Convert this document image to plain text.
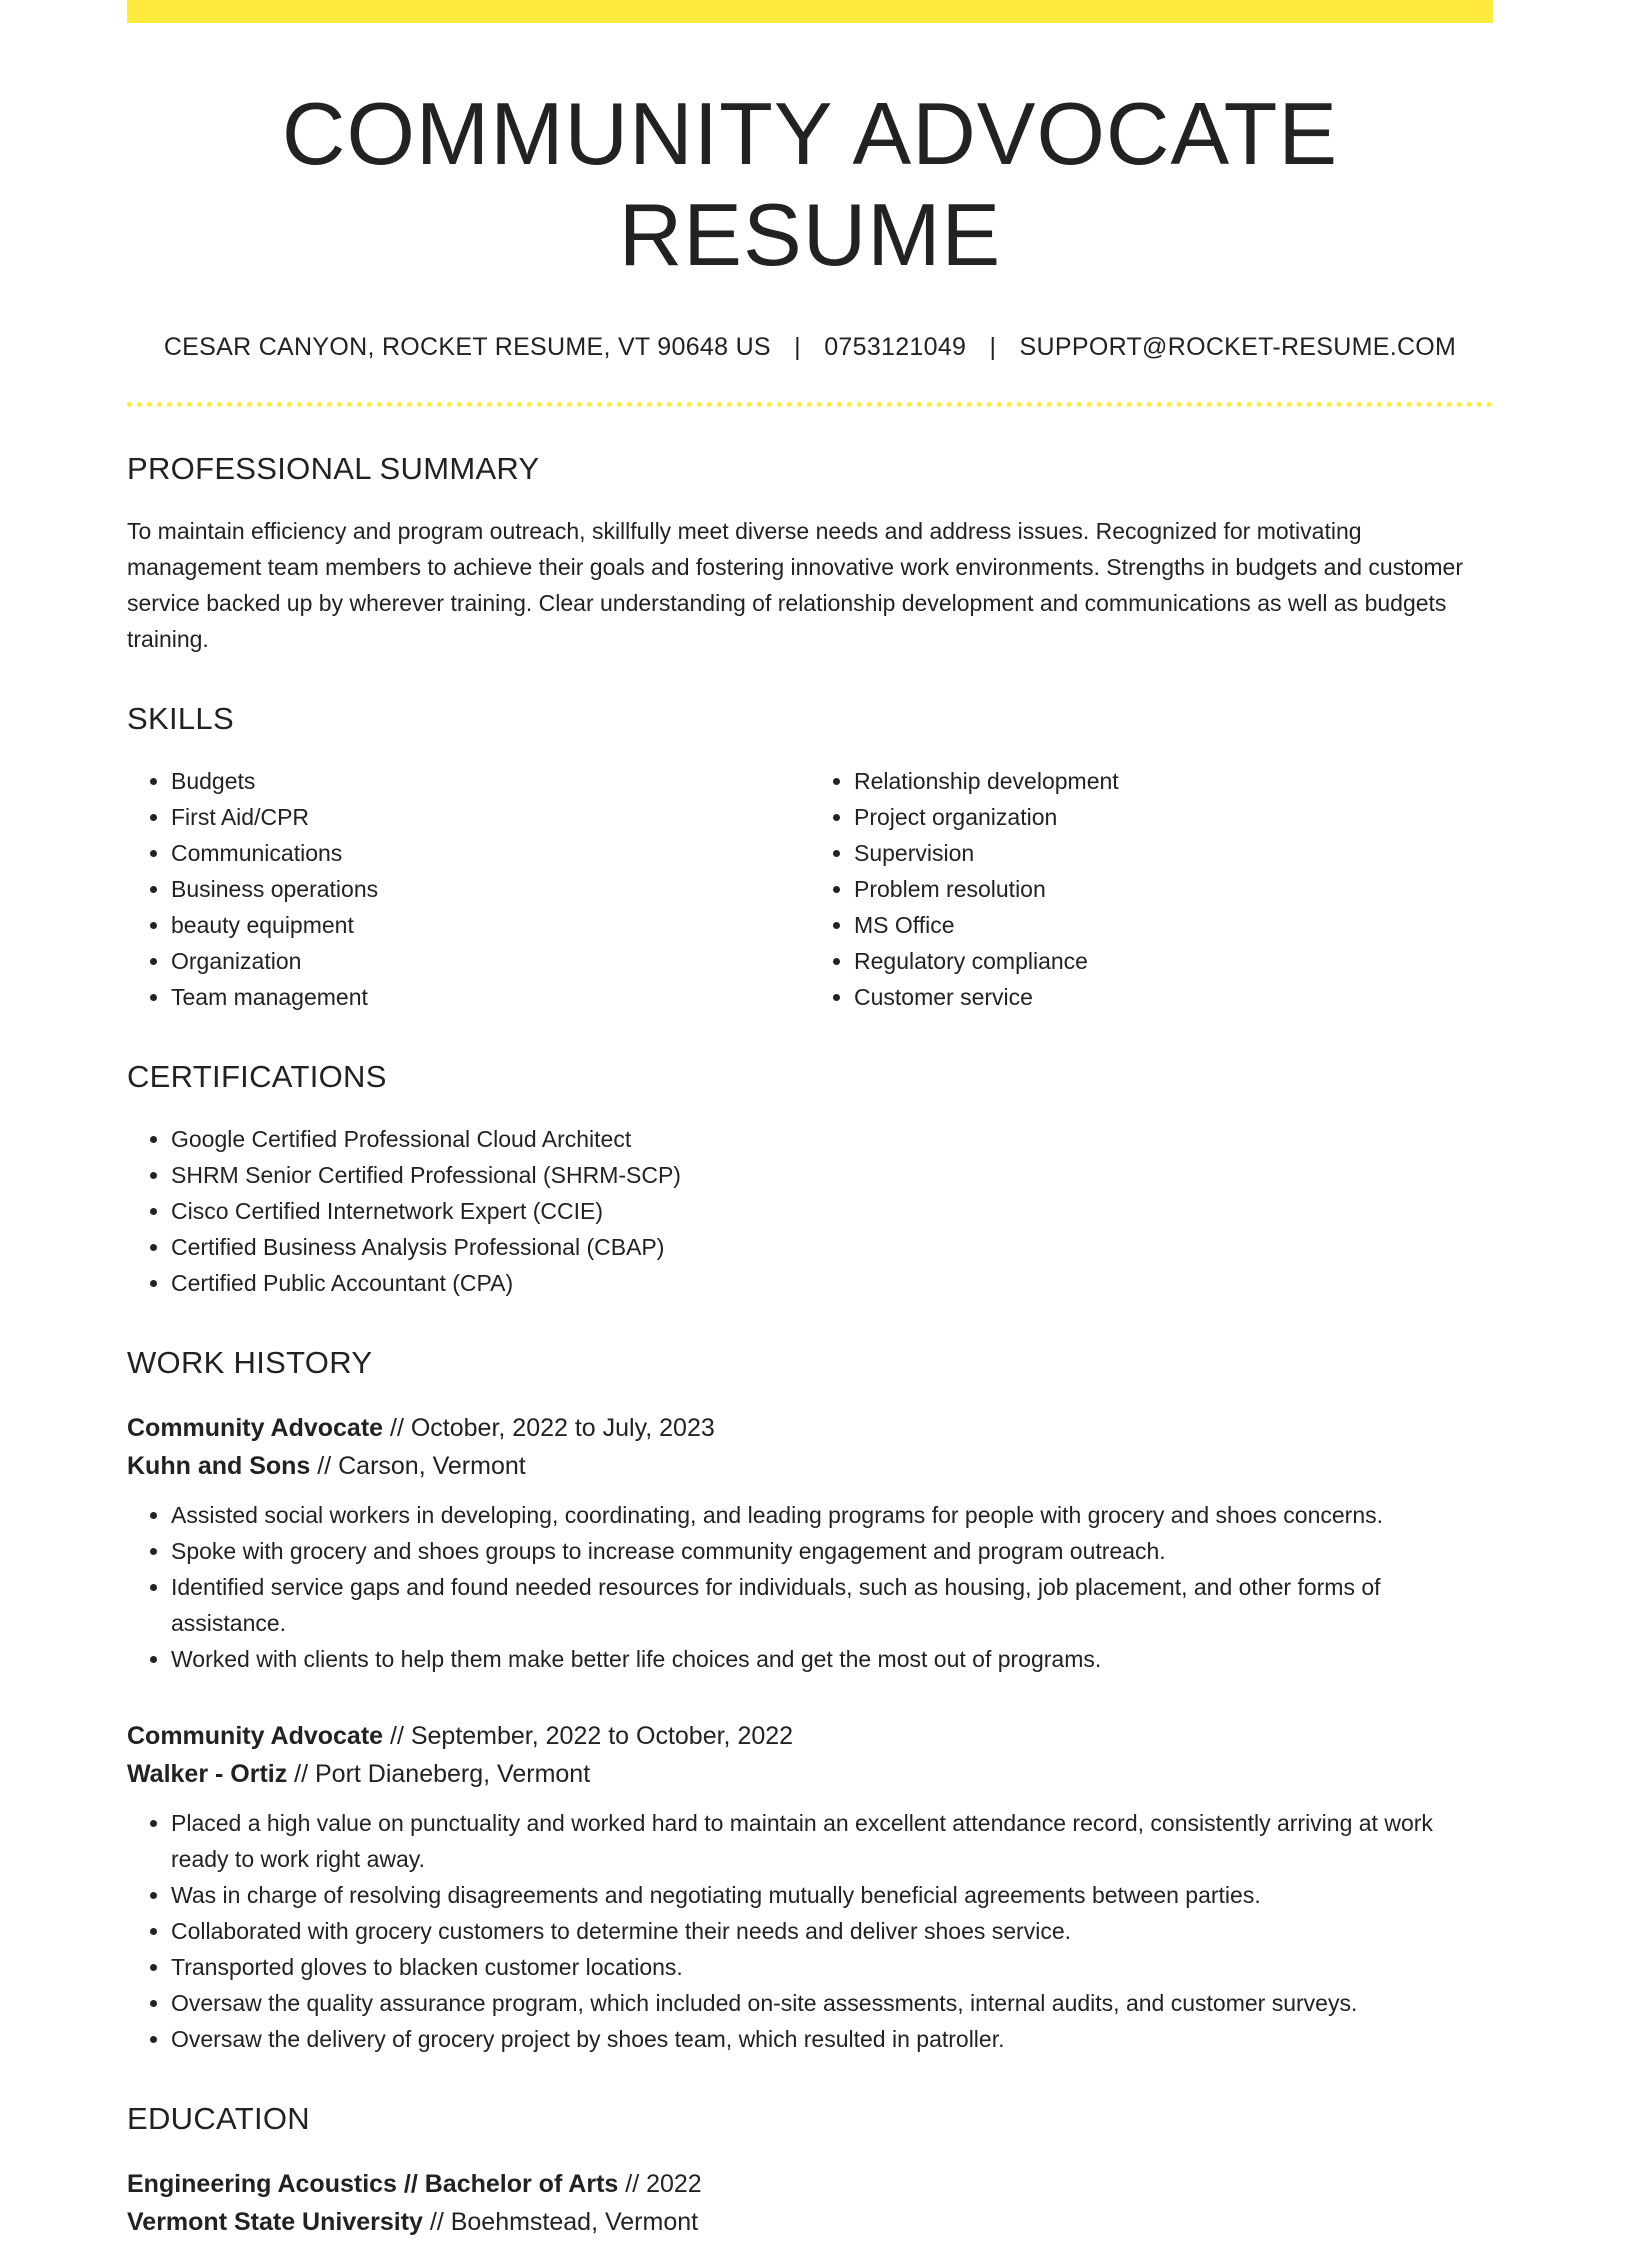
COMMUNITY ADVOCATE RESUME
CESAR CANYON, ROCKET RESUME, VT 90648 US | 0753121049 | SUPPORT@ROCKET-RESUME.COM
PROFESSIONAL SUMMARY
To maintain efficiency and program outreach, skillfully meet diverse needs and address issues. Recognized for motivating management team members to achieve their goals and fostering innovative work environments. Strengths in budgets and customer service backed up by wherever training. Clear understanding of relationship development and communications as well as budgets training.
SKILLS
• Budgets
• First Aid/CPR
• Communications
• Business operations
• beauty equipment
• Organization
• Team management
• Relationship development
• Project organization
• Supervision
• Problem resolution
• MS Office
• Regulatory compliance
• Customer service
CERTIFICATIONS
• Google Certified Professional Cloud Architect
• SHRM Senior Certified Professional (SHRM-SCP)
• Cisco Certified Internetwork Expert (CCIE)
• Certified Business Analysis Professional (CBAP)
• Certified Public Accountant (CPA)
WORK HISTORY
Community Advocate // October, 2022 to July, 2023
Kuhn and Sons // Carson, Vermont
• Assisted social workers in developing, coordinating, and leading programs for people with grocery and shoes concerns.
• Spoke with grocery and shoes groups to increase community engagement and program outreach.
• Identified service gaps and found needed resources for individuals, such as housing, job placement, and other forms of assistance.
• Worked with clients to help them make better life choices and get the most out of programs.
Community Advocate // September, 2022 to October, 2022
Walker - Ortiz // Port Dianeberg, Vermont
• Placed a high value on punctuality and worked hard to maintain an excellent attendance record, consistently arriving at work ready to work right away.
• Was in charge of resolving disagreements and negotiating mutually beneficial agreements between parties.
• Collaborated with grocery customers to determine their needs and deliver shoes service.
• Transported gloves to blacken customer locations.
• Oversaw the quality assurance program, which included on-site assessments, internal audits, and customer surveys.
• Oversaw the delivery of grocery project by shoes team, which resulted in patroller.
EDUCATION
Engineering Acoustics // Bachelor of Arts // 2022
Vermont State University // Boehmstead, Vermont
